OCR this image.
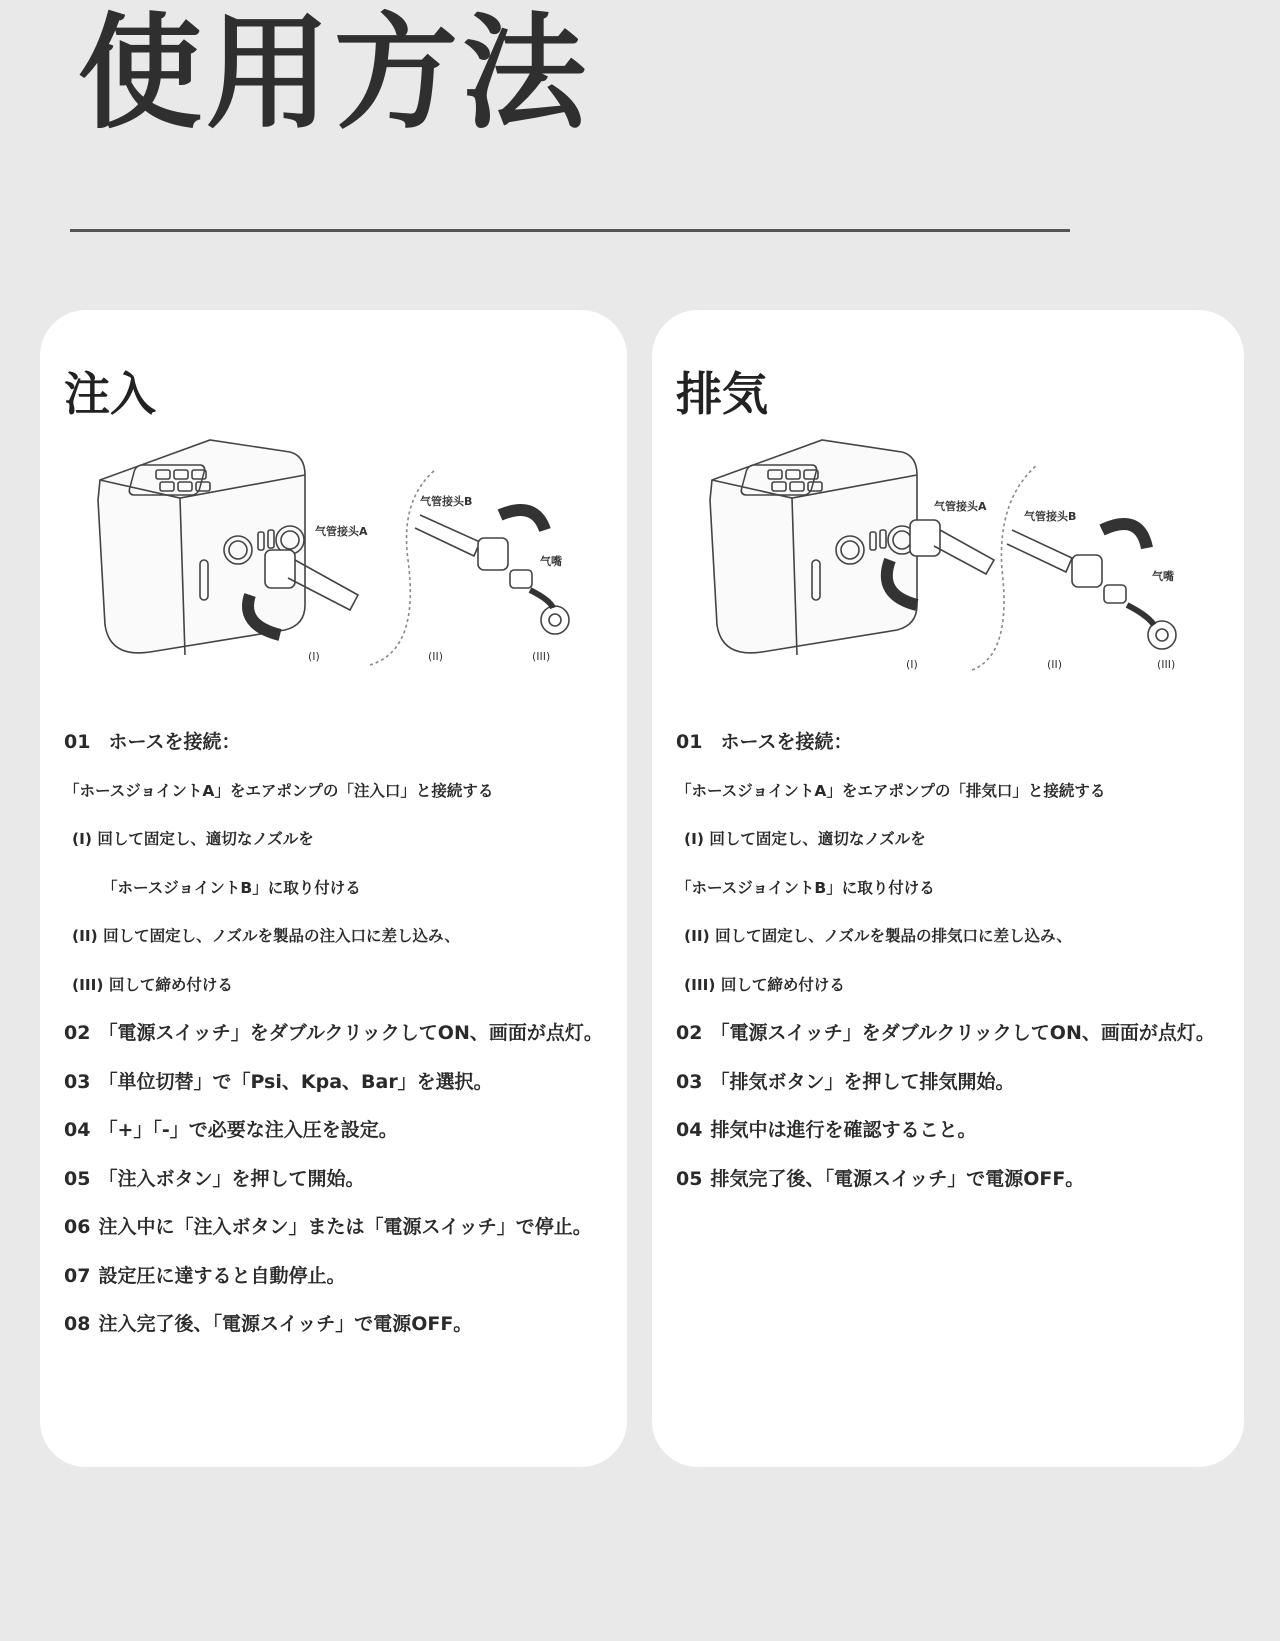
使用方法
注入
气管接头A
气管接头B
气嘴
(I)	(II)	(III)
01 ホースを接続：
「ホースジョイントA」をエアポンプの「注入口」と接続する
(I) 回して固定し、適切なノズルを
「ホースジョイントB」に取り付ける
(II) 回して固定し、ノズルを製品の注入口に差し込み、
(III) 回して締め付ける
02 「電源スイッチ」をダブルクリックしてON、画面が点灯。
03 「単位切替」で「Psi、Kpa、Bar」を選択。
04 「+」「-」で必要な注入圧を設定。
05 「注入ボタン」を押して開始。
06 注入中に「注入ボタン」または「電源スイッチ」で停止。
07 設定圧に達すると自動停止。
08 注入完了後、「電源スイッチ」で電源OFF。
排気
气管接头A
气管接头B
气嘴
(I)	(II)	(III)
01 ホースを接続：
「ホースジョイントA」をエアポンプの「排気口」と接続する
(I) 回して固定し、適切なノズルを
「ホースジョイントB」に取り付ける
(II) 回して固定し、ノズルを製品の排気口に差し込み、
(III) 回して締め付ける
02 「電源スイッチ」をダブルクリックしてON、画面が点灯。
03 「排気ボタン」を押して排気開始。
04 排気中は進行を確認すること。
05 排気完了後、「電源スイッチ」で電源OFF。
